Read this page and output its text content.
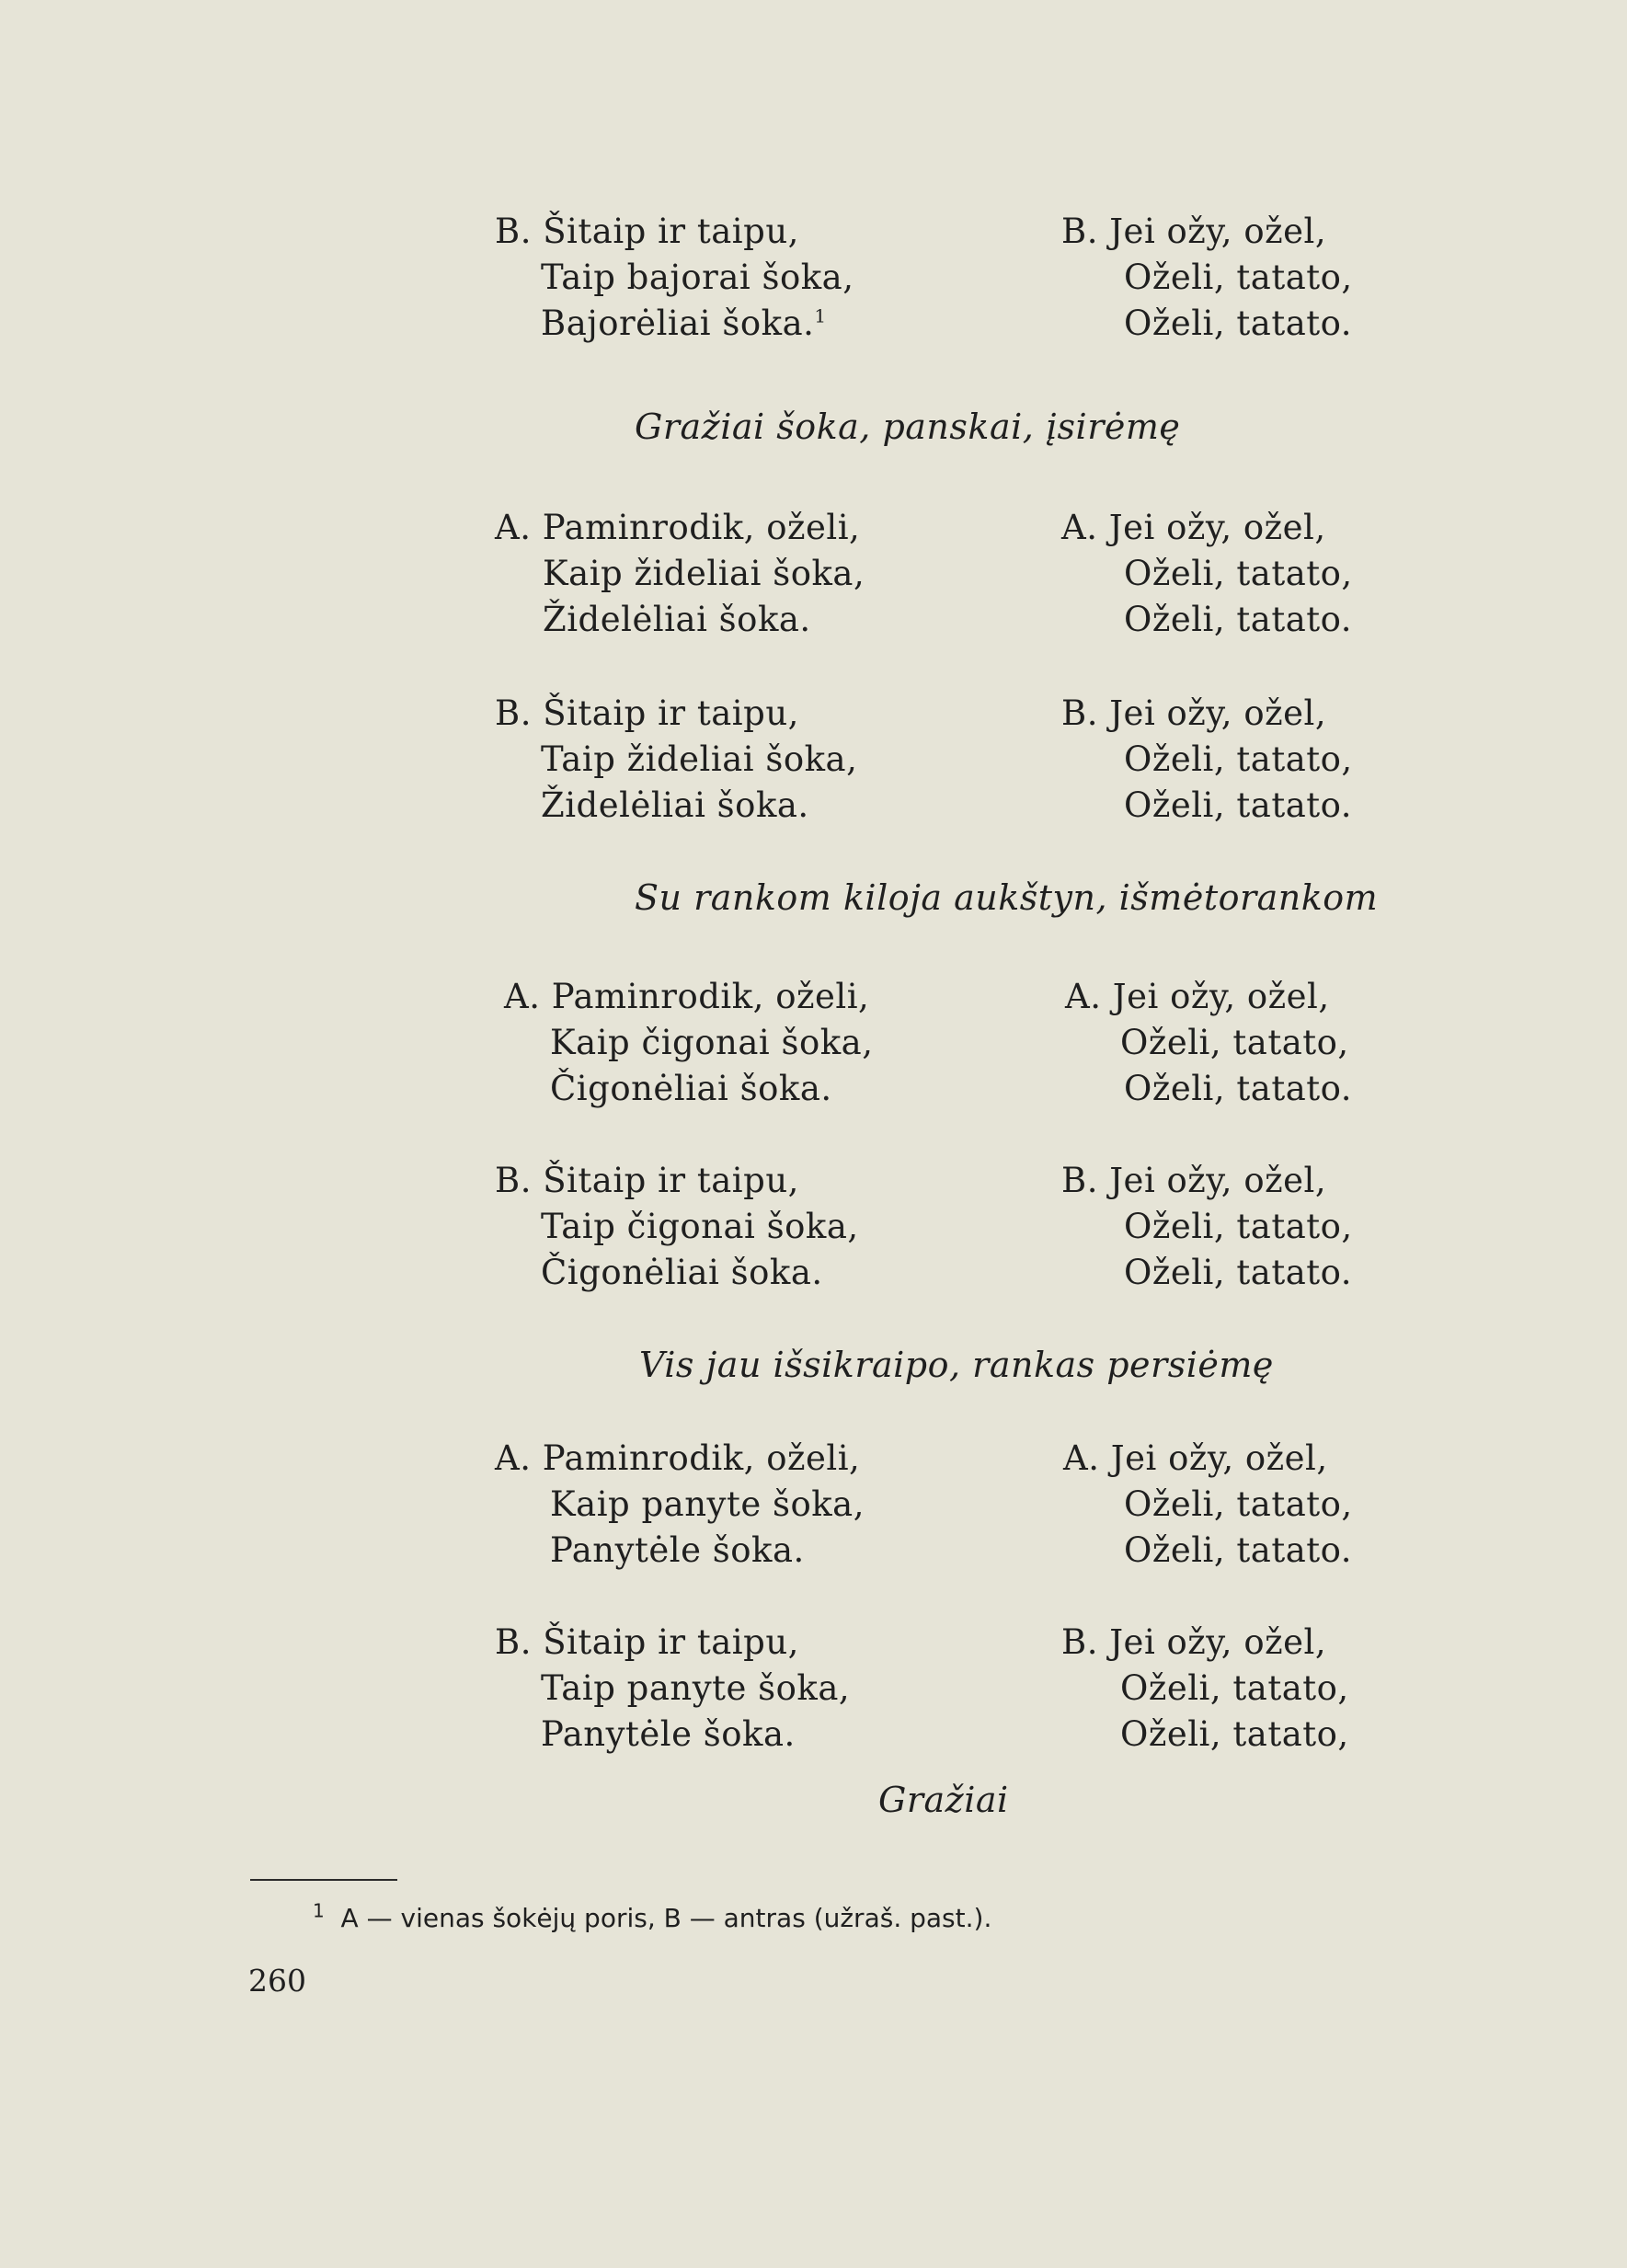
B. Šitaip ir taipu,
Taip bajorai šoka,
Bajorėliai šoka.$^1$
B. Jei ožy, ožel,
Oželi, tatato,
Oželi, tatato.
Gražiai šoka, panskai, įsirėmę
A. Paminrodik, oželi,
Kaip žideliai šoka,
Židelėliai šoka.
A. Jei ožy, ožel,
Oželi, tatato,
Oželi, tatato.
B. Šitaip ir taipu,
Taip žideliai šoka,
Židelėliai šoka.
B. Jei ožy, ožel,
Oželi, tatato,
Oželi, tatato.
Su rankom kiloja aukštyn, išmėtorankom
A. Paminrodik, oželi,
Kaip čigonai šoka,
Čigonėliai šoka.
A. Jei ožy, ožel,
Oželi, tatato,
Oželi, tatato.
B. Šitaip ir taipu,
Taip čigonai šoka,
Čigonėliai šoka.
B. Jei ožy, ožel,
Oželi, tatato,
Oželi, tatato.
Vis jau išsikraipo, rankas persiėmę
A. Paminrodik, oželi,
Kaip panyte šoka,
Panytėle šoka.
A. Jei ožy, ožel,
Oželi, tatato,
Oželi, tatato.
B. Šitaip ir taipu,
Taip panyte šoka,
Panytėle šoka.
B. Jei ožy, ožel,
Oželi, tatato,
Oželi, tatato,
Gražiai
$^1$ A — vienas šokėjų poris, B — antras (užraš. past.).
260
